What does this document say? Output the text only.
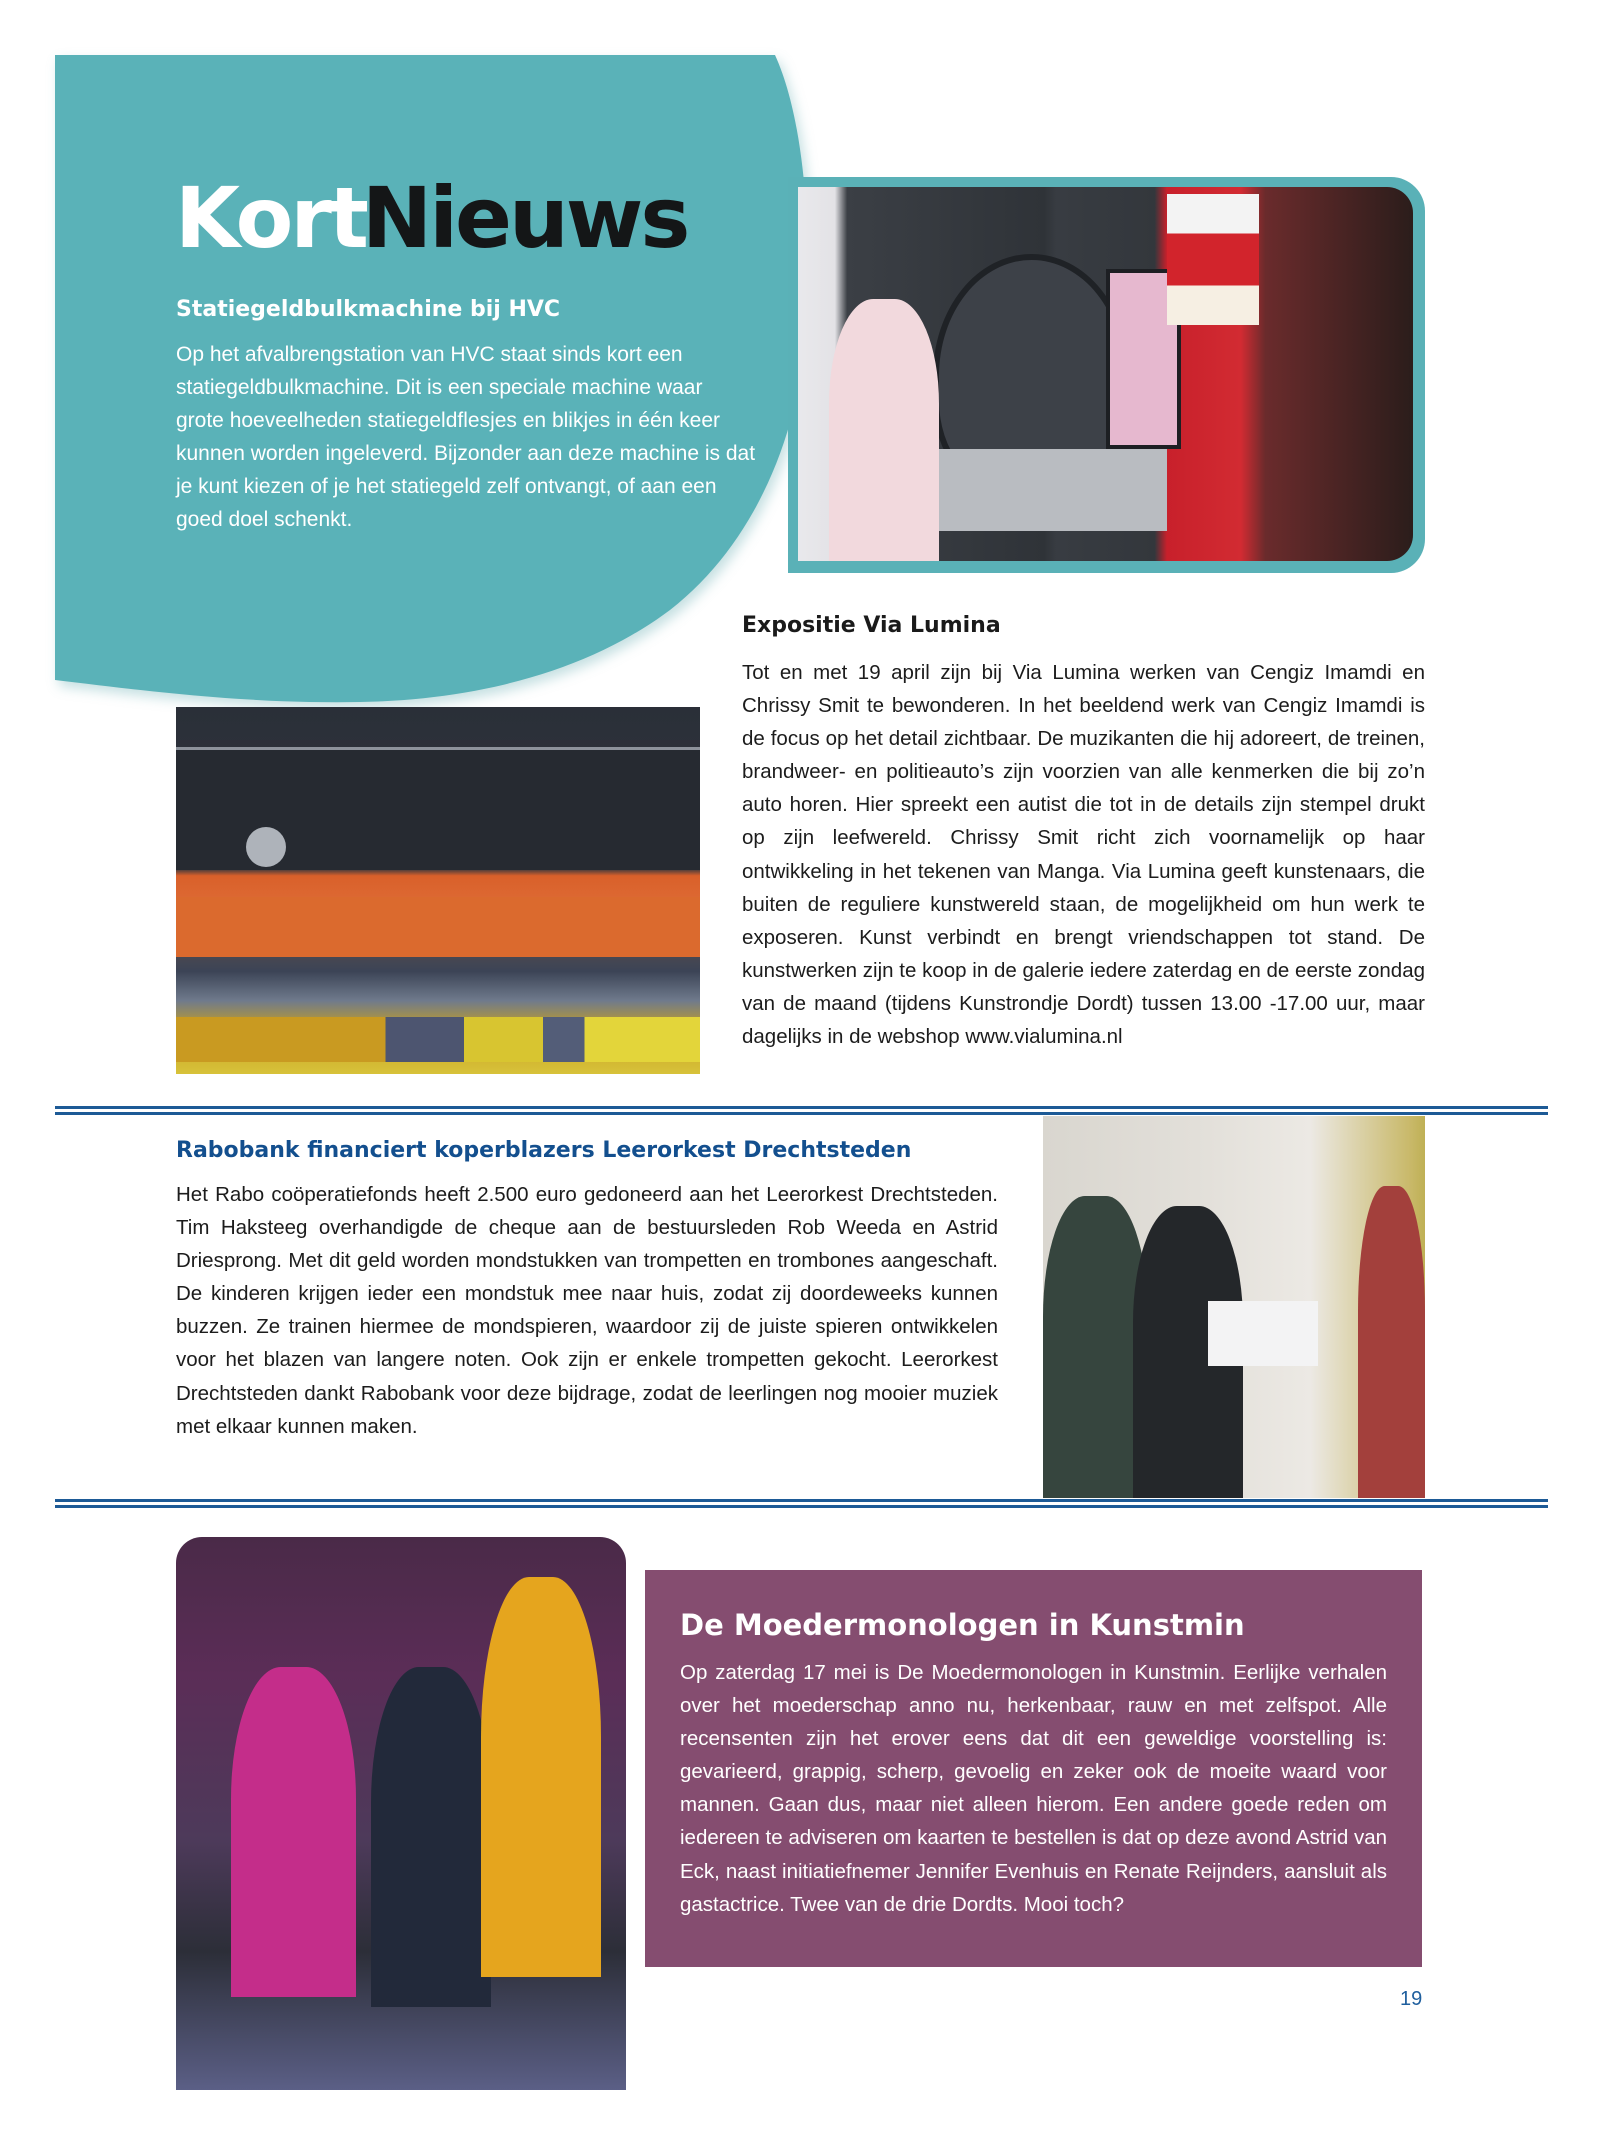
KortNieuws
Statiegeldbulkmachine bij HVC
Op het afvalbrengstation van HVC staat sinds kort een statiegeldbulkmachine. Dit is een speciale machine waar grote hoeveelheden statiegeldflesjes en blikjes in één keer kunnen worden ingeleverd. Bijzonder aan deze machine is dat je kunt kiezen of je het statiegeld zelf ontvangt, of aan een goed doel schenkt.
Expositie Via Lumina
Tot en met 19 april zijn bij Via Lumina werken van Cengiz Imamdi en Chrissy Smit te bewonderen. In het beeldend werk van Cengiz Imamdi is de focus op het detail zichtbaar. De muzikanten die hij adoreert, de treinen, brandweer- en politieauto’s zijn voorzien van alle kenmerken die bij zo’n auto horen. Hier spreekt een autist die tot in de details zijn stempel drukt op zijn leefwereld. Chrissy Smit richt zich voornamelijk op haar ontwikkeling in het tekenen van Manga. Via Lumina geeft kunstenaars, die buiten de reguliere kunstwereld staan, de mogelijkheid om hun werk te exposeren. Kunst verbindt en brengt vriendschappen tot stand. De kunstwerken zijn te koop in de galerie iedere zaterdag en de eerste zondag van de maand (tijdens Kunstrondje Dordt) tussen 13.00 -17.00 uur, maar dagelijks in de webshop www.vialumina.nl
Rabobank financiert koperblazers Leerorkest Drechtsteden
Het Rabo coöperatiefonds heeft 2.500 euro gedoneerd aan het Leerorkest Drechtsteden. Tim Haksteeg overhandigde de cheque aan de bestuursleden Rob Weeda en Astrid Driesprong. Met dit geld worden mondstukken van trompetten en trombones aangeschaft. De kinderen krijgen ieder een mondstuk mee naar huis, zodat zij doordeweeks kunnen buzzen. Ze trainen hiermee de mondspieren, waardoor zij de juiste spieren ontwikkelen voor het blazen van langere noten. Ook zijn er enkele trompetten gekocht. Leerorkest Drechtsteden dankt Rabobank voor deze bijdrage, zodat de leerlingen nog mooier muziek met elkaar kunnen maken.
De Moedermonologen in Kunstmin
Op zaterdag 17 mei is De Moedermonologen in Kunstmin. Eerlijke verhalen over het moederschap anno nu, herkenbaar, rauw en met zelfspot. Alle recensenten zijn het erover eens dat dit een geweldige voorstelling is: gevarieerd, grappig, scherp, gevoelig en zeker ook de moeite waard voor mannen. Gaan dus, maar niet alleen hierom. Een andere goede reden om iedereen te adviseren om kaarten te bestellen is dat op deze avond Astrid van Eck, naast initiatiefnemer Jennifer Evenhuis en Renate Reijnders, aansluit als gastactrice. Twee van de drie Dordts. Mooi toch?
19
